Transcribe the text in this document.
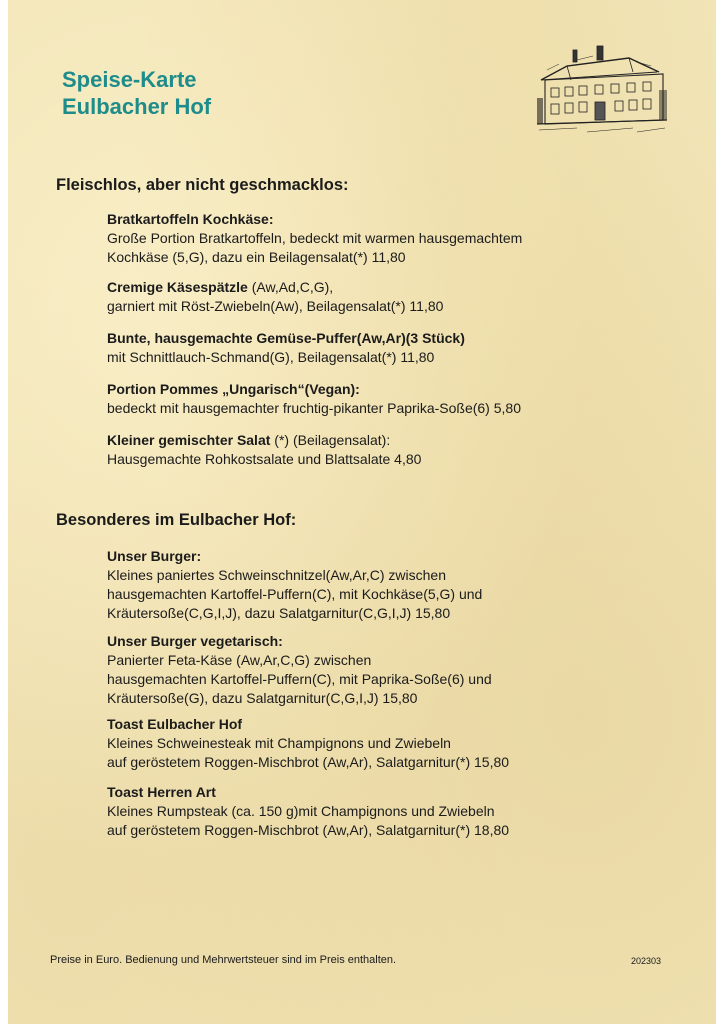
Speise-Karte
Eulbacher Hof
Fleischlos, aber nicht geschmacklos:
Bratkartoffeln Kochkäse:
Große Portion Bratkartoffeln, bedeckt mit warmen hausgemachtem
Kochkäse (5,G), dazu ein Beilagensalat(*) 11,80
Cremige Käsespätzle (Aw,Ad,C,G),
garniert mit Röst-Zwiebeln(Aw), Beilagensalat(*) 11,80
Bunte, hausgemachte Gemüse-Puffer(Aw,Ar)(3 Stück)
mit Schnittlauch-Schmand(G), Beilagensalat(*) 11,80
Portion Pommes „Ungarisch“(Vegan):
bedeckt mit hausgemachter fruchtig-pikanter Paprika-Soße(6) 5,80
Kleiner gemischter Salat (*) (Beilagensalat):
Hausgemachte Rohkostsalate und Blattsalate 4,80
Besonderes im Eulbacher Hof:
Unser Burger:
Kleines paniertes Schweinschnitzel(Aw,Ar,C) zwischen
hausgemachten Kartoffel-Puffern(C), mit Kochkäse(5,G) und
Kräutersoße(C,G,I,J), dazu Salatgarnitur(C,G,I,J) 15,80
Unser Burger vegetarisch:
Panierter Feta-Käse (Aw,Ar,C,G) zwischen
hausgemachten Kartoffel-Puffern(C), mit Paprika-Soße(6) und
Kräutersoße(G), dazu Salatgarnitur(C,G,I,J) 15,80
Toast Eulbacher Hof
Kleines Schweinesteak mit Champignons und Zwiebeln
auf geröstetem Roggen-Mischbrot (Aw,Ar), Salatgarnitur(*) 15,80
Toast Herren Art
Kleines Rumpsteak (ca. 150 g)mit Champignons und Zwiebeln
auf geröstetem Roggen-Mischbrot (Aw,Ar), Salatgarnitur(*) 18,80
Preise in Euro. Bedienung und Mehrwertsteuer sind im Preis enthalten.	202303
